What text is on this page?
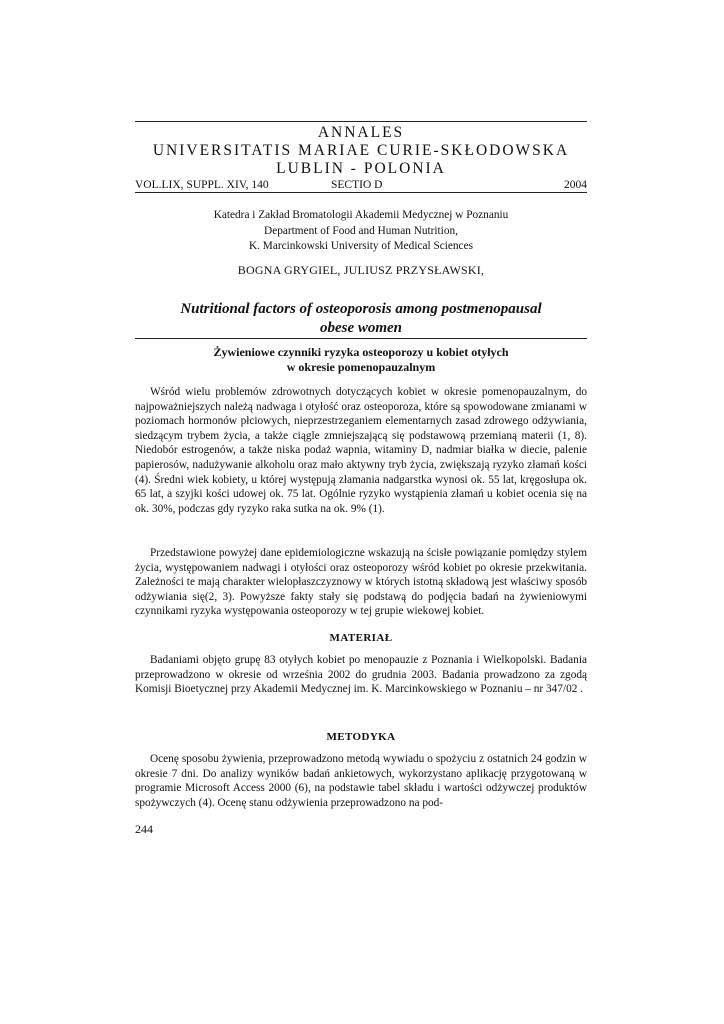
ANNALES
UNIVERSITATIS MARIAE CURIE-SKŁODOWSKA
LUBLIN - POLONIA
VOL.LIX, SUPPL. XIV, 140	SECTIO D	2004
Katedra i Zakład Bromatologii Akademii Medycznej w Poznaniu
Department of Food and Human Nutrition,
K. Marcinkowski University of Medical Sciences
BOGNA GRYGIEL, JULIUSZ PRZYSŁAWSKI,
Nutritional factors of osteoporosis among postmenopausal
obese women
Żywieniowe czynniki ryzyka osteoporozy u kobiet otyłych
w okresie pomenopauzalnym

Wśród wielu problemów zdrowotnych dotyczących kobiet w okresie pomenopauzalnym, do najpoważniejszych należą nadwaga i otyłość oraz osteoporoza, które są spowodowane zmianami w poziomach hormonów płciowych, nieprzestrzeganiem elementarnych zasad zdrowego odżywiania, siedzącym trybem życia, a także ciągle zmniejszającą się podstawową przemianą materii (1, 8). Niedobór estrogenów, a także niska podaż wapnia, witaminy D, nadmiar białka w diecie, palenie papierosów, nadużywanie alkoholu oraz mało aktywny tryb życia, zwiększają ryzyko złamań kości (4). Średni wiek kobiety, u której występują złamania nadgarstka wynosi ok. 55 lat, kręgosłupa ok. 65 lat, a szyjki kości udowej ok. 75 lat. Ogólnie ryzyko wystąpienia złamań u kobiet ocenia się na ok. 30%, podczas gdy ryzyko raka sutka na ok. 9% (1).

Przedstawione powyżej dane epidemiologiczne wskazują na ścisłe powiązanie pomiędzy stylem życia, występowaniem nadwagi i otyłości oraz osteoporozy wśród kobiet po okresie przekwitania. Zależności te mają charakter wielopłaszczyznowy w których istotną składową jest właściwy sposób odżywiania się(2, 3). Powyższe fakty stały się podstawą do podjęcia badań na żywieniowymi czynnikami ryzyka występowania osteoporozy w tej grupie wiekowej kobiet.

MATERIAŁ

Badaniami objęto grupę 83 otyłych kobiet po menopauzie z Poznania i Wielkopolski. Badania przeprowadzono w okresie od września 2002 do grudnia 2003. Badania prowadzono za zgodą Komisji Bioetycznej przy Akademii Medycznej im. K. Marcinkowskiego w Poznaniu – nr 347/02 .

METODYKA

Ocenę sposobu żywienia, przeprowadzono metodą wywiadu o spożyciu z ostatnich 24 godzin w okresie 7 dni. Do analizy wyników badań ankietowych, wykorzystano aplikację przygotowaną w programie Microsoft Access 2000 (6), na podstawie tabel składu i wartości odżywczej produktów spożywczych (4). Ocenę stanu odżywienia przeprowadzono na pod-

244
